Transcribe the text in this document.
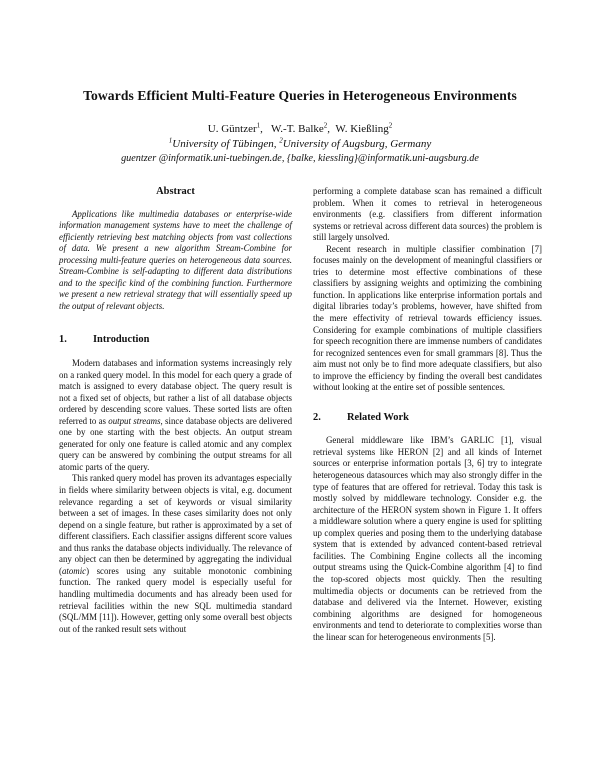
Towards Efficient Multi-Feature Queries in Heterogeneous Environments
U. Güntzer$^1$,   W.-T. Balke$^2$,  W. Kießling$^2$
$^1$University of Tübingen, $^2$University of Augsburg, Germany
guentzer @informatik.uni-tuebingen.de, {balke, kiessling}@informatik.uni-augsburg.de
Abstract

Applications like multimedia databases or enterprise-wide information management systems have to meet the challenge of efficiently retrieving best matching objects from vast collections of data. We present a new algorithm Stream-Combine for processing multi-feature queries on heterogeneous data sources. Stream-Combine is self-adapting to different data distributions and to the specific kind of the combining function. Furthermore we present a new retrieval strategy that will essentially speed up the output of relevant objects.

1.	Introduction

Modern databases and information systems increasingly rely on a ranked query model. In this model for each query a grade of match is assigned to every database object. The query result is not a fixed set of objects, but rather a list of all database objects ordered by descending score values. These sorted lists are often referred to as output streams, since database objects are delivered one by one starting with the best objects. An output stream generated for only one feature is called atomic and any complex query can be answered by combining the output streams for all atomic parts of the query.

This ranked query model has proven its advantages especially in fields where similarity between objects is vital, e.g. document relevance regarding a set of keywords or visual similarity between a set of images. In these cases similarity does not only depend on a single feature, but rather is approximated by a set of different classifiers. Each classifier assigns different score values and thus ranks the database objects individually. The relevance of any object can then be determined by aggregating the individual (atomic) scores using any suitable monotonic combining function. The ranked query model is especially useful for handling multimedia documents and has already been used for retrieval facilities within the new SQL multimedia standard (SQL/MM [11]). However, getting only some overall best objects out of the ranked result sets without

performing a complete database scan has remained a difficult problem. When it comes to retrieval in heterogeneous environments (e.g. classifiers from different information systems or retrieval across different data sources) the problem is still largely unsolved.

Recent research in multiple classifier combination [7] focuses mainly on the development of meaningful classifiers or tries to determine most effective combinations of these classifiers by assigning weights and optimizing the combining function. In applications like enterprise information portals and digital libraries today’s problems, however, have shifted from the mere effectivity of retrieval towards efficiency issues. Considering for example combinations of multiple classifiers for speech recognition there are immense numbers of candidates for recognized sentences even for small grammars [8]. Thus the aim must not only be to find more adequate classifiers, but also to improve the efficiency by finding the overall best candidates without looking at the entire set of possible sentences.

2.	Related Work

General middleware like IBM’s GARLIC [1], visual retrieval systems like HERON [2] and all kinds of Internet sources or enterprise information portals [3, 6] try to integrate heterogeneous datasources which may also strongly differ in the type of features that are offered for retrieval. Today this task is mostly solved by middleware technology. Consider e.g. the architecture of the HERON system shown in Figure 1. It offers a middleware solution where a query engine is used for splitting up complex queries and posing them to the underlying database system that is extended by advanced content-based retrieval facilities. The Combining Engine collects all the incoming output streams using the Quick-Combine algorithm [4] to find the top-scored objects most quickly. Then the resulting multimedia objects or documents can be retrieved from the database and delivered via the Internet. However, existing combining algorithms are designed for homogeneous environments and tend to deteriorate to complexities worse than the linear scan for heterogeneous environments [5].
